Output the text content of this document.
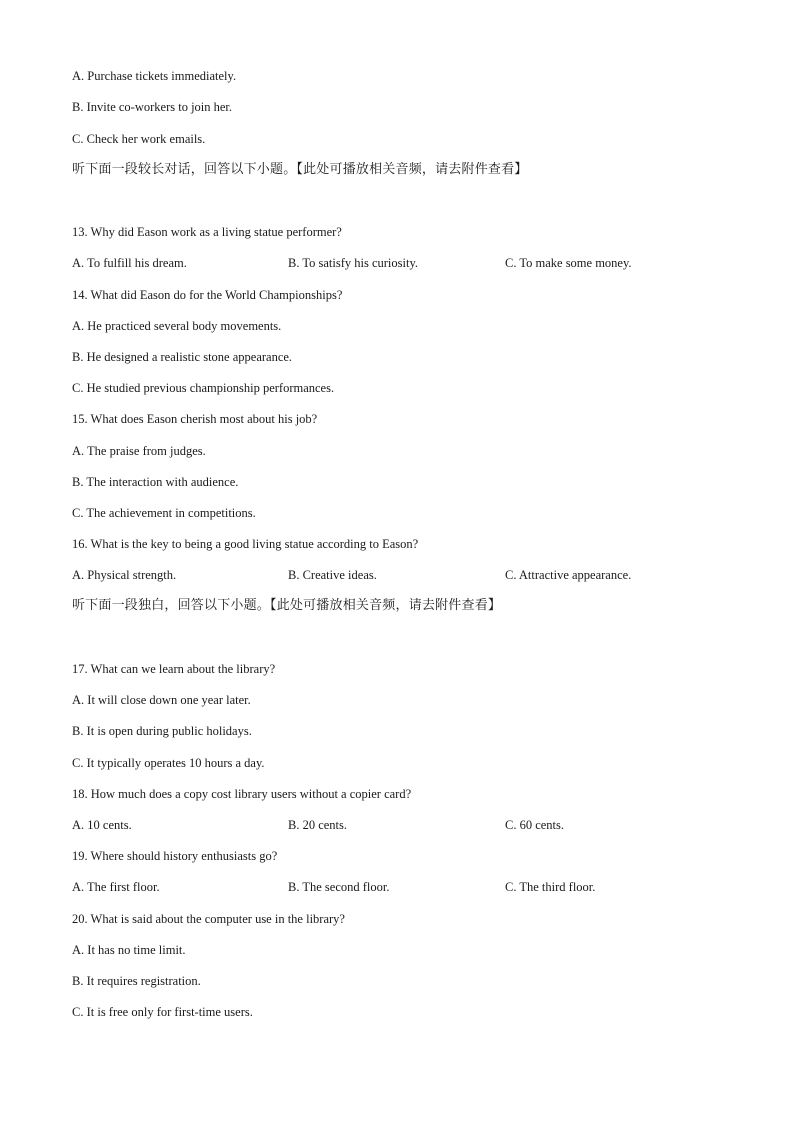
A. Purchase tickets immediately.
B. Invite co-workers to join her.
C. Check her work emails.
听下面一段较长对话，回答以下小题。【此处可播放相关音频，请去附件查看】
13. Why did Eason work as a living statue performer?
A. To fulfill his dream.	B. To satisfy his curiosity.	C. To make some money.
14. What did Eason do for the World Championships?
A. He practiced several body movements.
B. He designed a realistic stone appearance.
C. He studied previous championship performances.
15. What does Eason cherish most about his job?
A. The praise from judges.
B. The interaction with audience.
C. The achievement in competitions.
16. What is the key to being a good living statue according to Eason?
A. Physical strength.	B. Creative ideas.	C. Attractive appearance.
听下面一段独白，回答以下小题。【此处可播放相关音频，请去附件查看】
17. What can we learn about the library?
A. It will close down one year later.
B. It is open during public holidays.
C. It typically operates 10 hours a day.
18. How much does a copy cost library users without a copier card?
A. 10 cents.	B. 20 cents.	C. 60 cents.
19. Where should history enthusiasts go?
A. The first floor.	B. The second floor.	C. The third floor.
20. What is said about the computer use in the library?
A. It has no time limit.
B. It requires registration.
C. It is free only for first-time users.
